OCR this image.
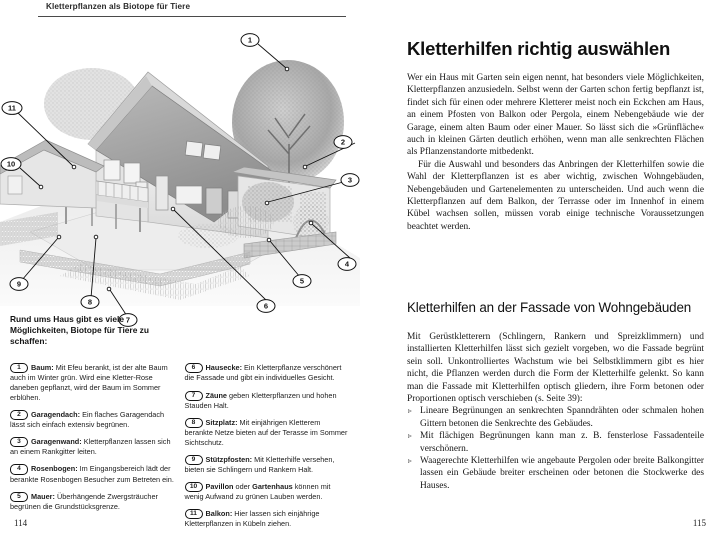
Kletterpflanzen als Biotope für Tiere
1
2
3
4
5
6
7
8
9
10
11
Rund ums Haus gibt es viele Möglichkeiten, Biotope für Tiere zu schaffen:

1 Baum: Mit Efeu berankt, ist der alte Baum auch im Winter grün. Wird eine Kletter-Rose daneben gepflanzt, wird der Baum im Sommer erblühen.

2 Garagendach: Ein flaches Garagendach lässt sich einfach extensiv begrünen.

3 Garagenwand: Kletterpflanzen lassen sich an einem Rankgitter leiten.

4 Rosenbogen: Im Eingangsbereich lädt der berankte Rosenbogen Besucher zum Betreten ein.

5 Mauer: Überhängende Zwergsträucher begrünen die Grundstücksgrenze.

6 Hausecke: Ein Kletterpflanze verschönert die Fassade und gibt ein individuelles Gesicht.

7 Zäune geben Kletterpflanzen und hohen Stauden Halt.

8 Sitzplatz: Mit einjährigen Kletterem berankte Netze bieten auf der Terasse im Sommer Sichtschutz.

9 Stützpfosten: Mit Kletterhilfe versehen, bieten sie Schlingern und Rankern Halt.

10 Pavillon oder Gartenhaus können mit wenig Aufwand zu grünen Lauben werden.

11 Balkon: Hier lassen sich einjährige Kletterpflanzen in Kübeln ziehen.

114
Kletterhilfen richtig auswählen

Wer ein Haus mit Garten sein eigen nennt, hat besonders viele Möglichkeiten, Kletterpflanzen anzusiedeln. Selbst wenn der Garten schon fertig bepflanzt ist, findet sich für einen oder mehrere Kletterer meist noch ein Eckchen am Haus, an einem Pfosten von Balkon oder Pergola, einem Nebengebäude wie der Garage, einem alten Baum oder einer Mauer. So lässt sich die »Grünfläche« auch in kleinen Gärten deutlich erhöhen, wenn man alle senkrechten Flächen als Pflanzenstandorte mitbedenkt.

Für die Auswahl und besonders das Anbringen der Kletterhilfen sowie die Wahl der Kletterpflanzen ist es aber wichtig, zwischen Wohngebäuden, Nebengebäuden und Gartenelementen zu unterscheiden. Und auch wenn die Kletterpflanzen auf dem Balkon, der Terrasse oder im Innenhof in einem Kübel wachsen sollen, müssen vorab einige technische Voraussetzungen beachtet werden.

Kletterhilfen an der Fassade von Wohngebäuden

Mit Gerüstkletterern (Schlingern, Rankern und Spreizklimmern) und installierten Kletterhilfen lässt sich gezielt vorgeben, wo die Fassade begrünt sein soll. Unkontrolliertes Wachstum wie bei Selbstklimmern gibt es hier nicht, die Pflanzen werden durch die Form der Kletterhilfe gelenkt. So kann man die Fassade mit Kletterhilfen optisch gliedern, ihre Form betonen oder Proportionen optisch verschieben (s. Seite 39):

▹ Lineare Begrünungen an senkrechten Spanndrähten oder schmalen hohen Gittern betonen die Senkrechte des Gebäudes.
▹ Mit flächigen Begrünungen kann man z. B. fensterlose Fassadenteile verschönern.
▹ Waagerechte Kletterhilfen wie angebaute Pergolen oder breite Balkongitter lassen ein Gebäude breiter erscheinen oder betonen die Stockwerke des Hauses.
115
